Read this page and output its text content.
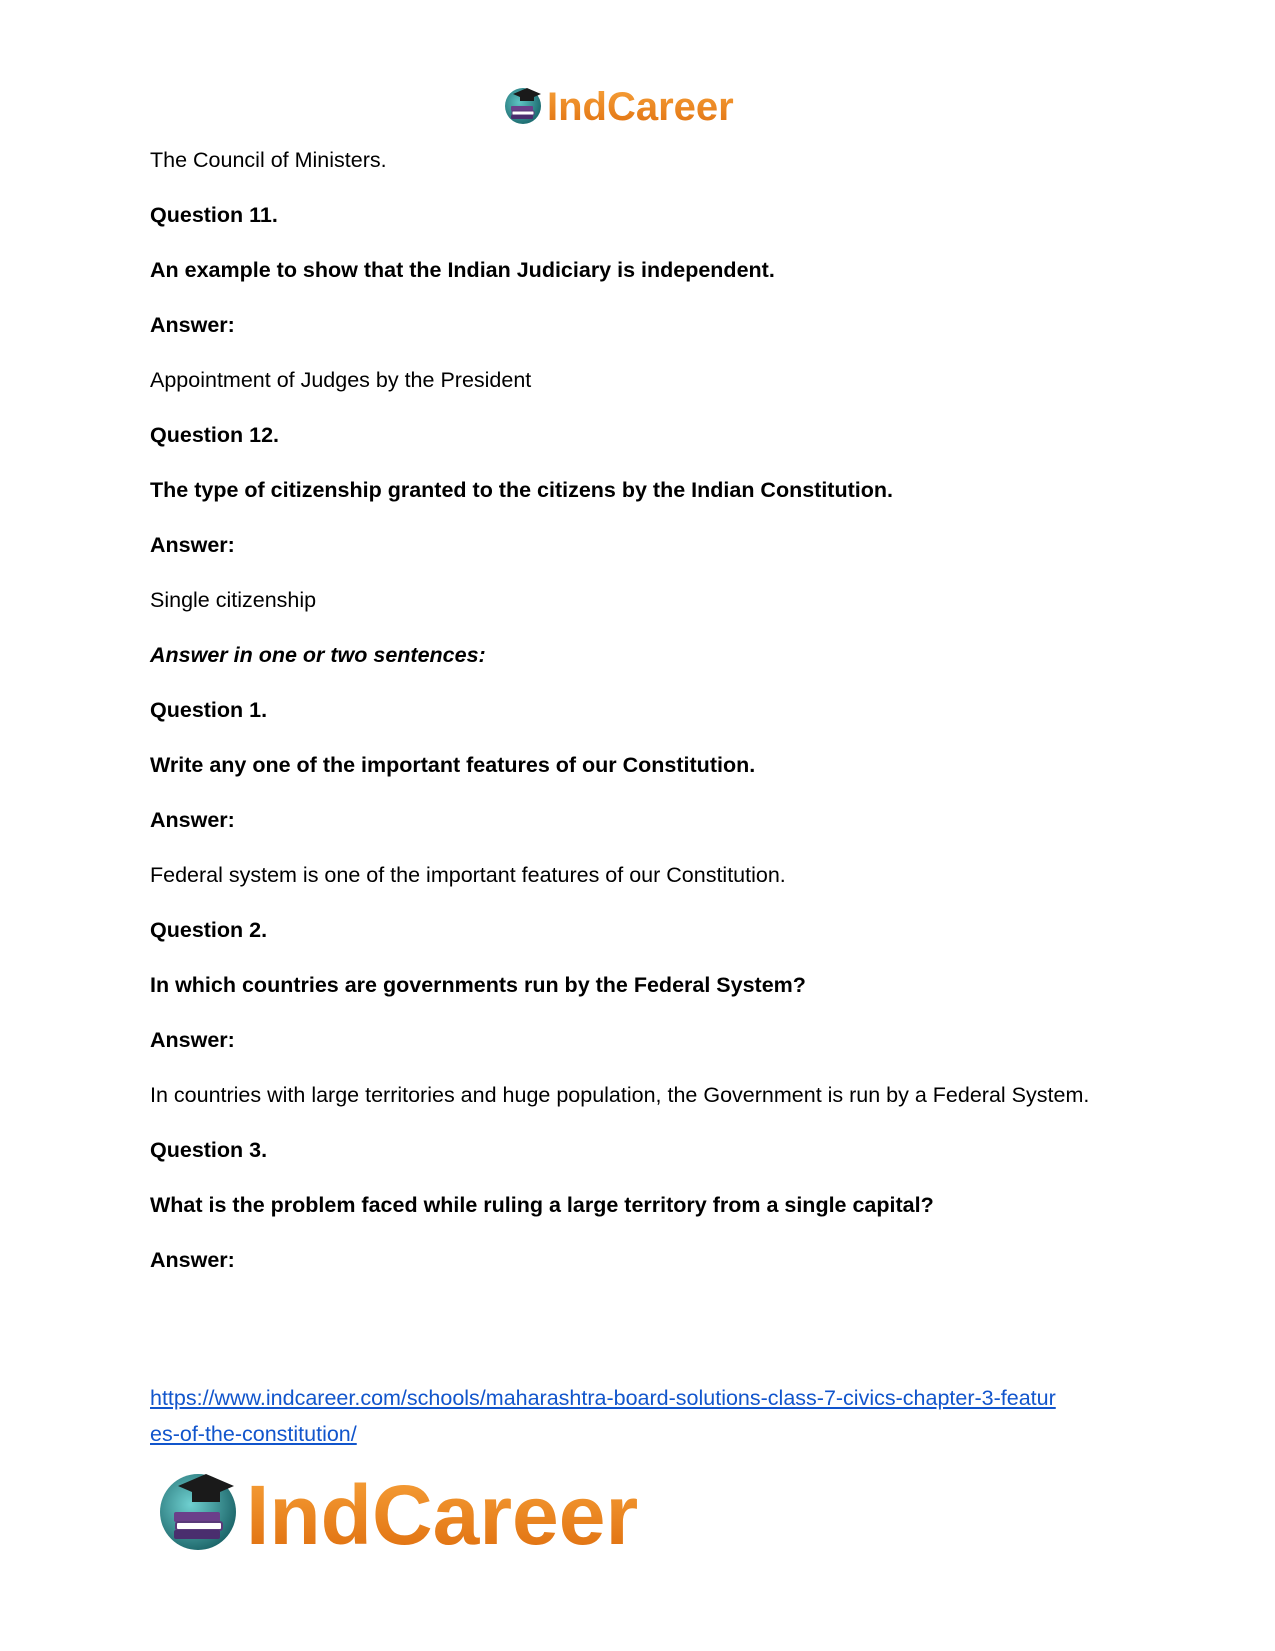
IndCareer
The Council of Ministers.
Question 11.
An example to show that the Indian Judiciary is independent.
Answer:
Appointment of Judges by the President
Question 12.
The type of citizenship granted to the citizens by the Indian Constitution.
Answer:
Single citizenship
Answer in one or two sentences:
Question 1.
Write any one of the important features of our Constitution.
Answer:
Federal system is one of the important features of our Constitution.
Question 2.
In which countries are governments run by the Federal System?
Answer:
In countries with large territories and huge population, the Government is run by a Federal System.
Question 3.
What is the problem faced while ruling a large territory from a single capital?
Answer:
https://www.indcareer.com/schools/maharashtra-board-solutions-class-7-civics-chapter-3-featur
es-of-the-constitution/
IndCareer
